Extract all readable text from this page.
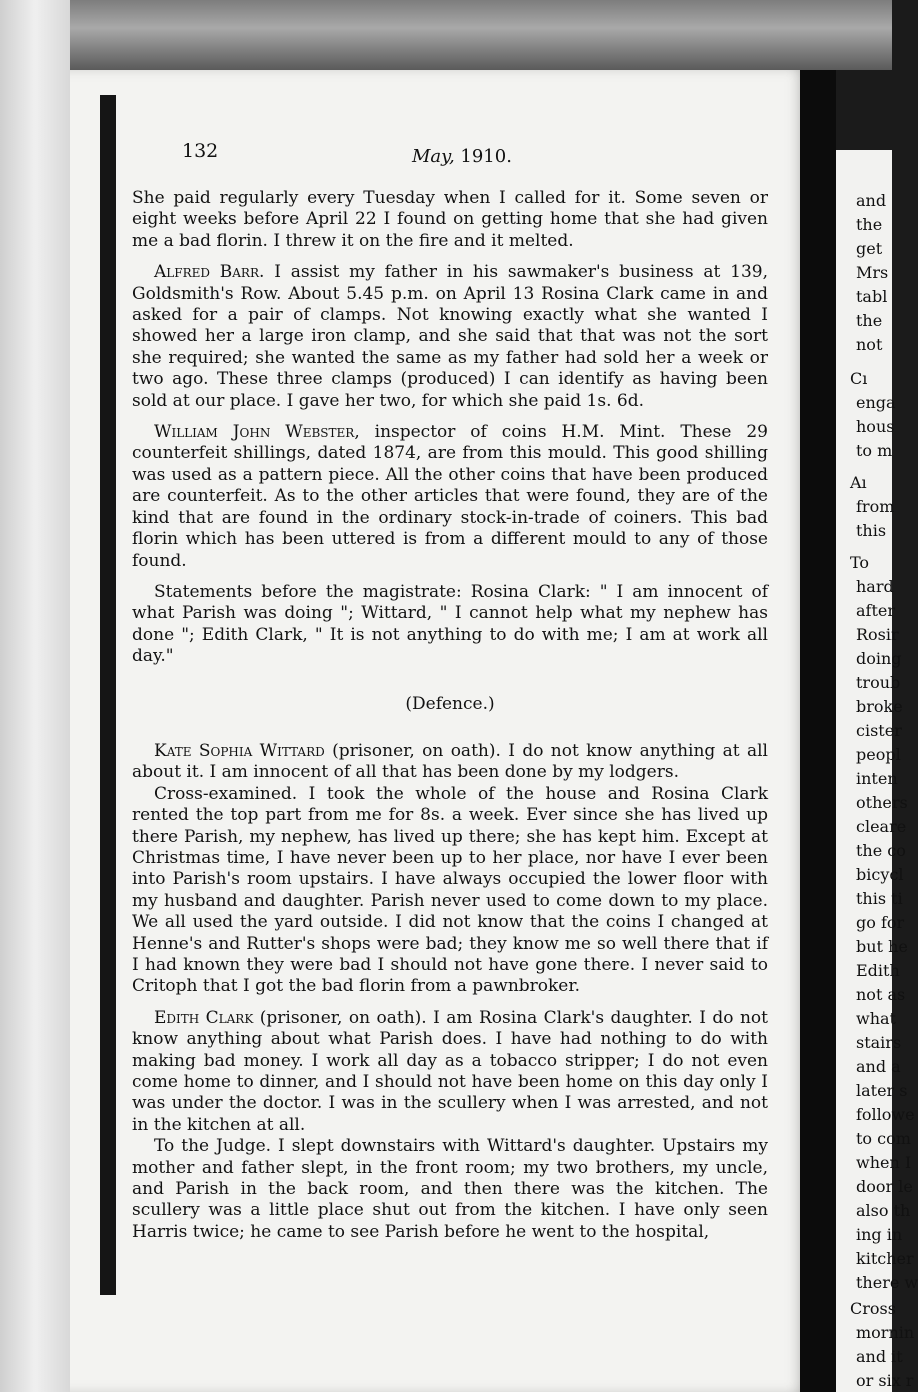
and
the
get
Mrs
tabl
the
not
Cı
enga
hous
to m
Aı
from
this
To
hard
after
Rosir
doing
troub
broke
cister
peopl
inten
others
cleare
the co
bicycl
this ti
go for
but he
Edith
not as
what
stairs
and a
later s
followe
to com
when I
door le
also th
ing in
kitcher
there w
Cross
mornin
and it
or six r
132	May, 1910.

She paid regularly every Tuesday when I called for it. Some seven or eight weeks before April 22 I found on getting home that she had given me a bad florin. I threw it on the fire and it melted.

Alfred Barr. I assist my father in his sawmaker's business at 139, Goldsmith's Row. About 5.45 p.m. on April 13 Rosina Clark came in and asked for a pair of clamps. Not knowing exactly what she wanted I showed her a large iron clamp, and she said that that was not the sort she required; she wanted the same as my father had sold her a week or two ago. These three clamps (produced) I can identify as having been sold at our place. I gave her two, for which she paid 1s. 6d.

William John Webster, inspector of coins H.M. Mint. These 29 counterfeit shillings, dated 1874, are from this mould. This good shilling was used as a pattern piece. All the other coins that have been produced are counterfeit. As to the other articles that were found, they are of the kind that are found in the ordinary stock-in-trade of coiners. This bad florin which has been uttered is from a different mould to any of those found.

Statements before the magistrate: Rosina Clark: " I am innocent of what Parish was doing "; Wittard, " I cannot help what my nephew has done "; Edith Clark, " It is not anything to do with me; I am at work all day."

(Defence.)

Kate Sophia Wittard (prisoner, on oath). I do not know anything at all about it. I am innocent of all that has been done by my lodgers.

Cross-examined. I took the whole of the house and Rosina Clark rented the top part from me for 8s. a week. Ever since she has lived up there Parish, my nephew, has lived up there; she has kept him. Except at Christmas time, I have never been up to her place, nor have I ever been into Parish's room upstairs. I have always occupied the lower floor with my husband and daughter. Parish never used to come down to my place. We all used the yard outside. I did not know that the coins I changed at Henne's and Rutter's shops were bad; they know me so well there that if I had known they were bad I should not have gone there. I never said to Critoph that I got the bad florin from a pawnbroker.

Edith Clark (prisoner, on oath). I am Rosina Clark's daughter. I do not know anything about what Parish does. I have had nothing to do with making bad money. I work all day as a tobacco stripper; I do not even come home to dinner, and I should not have been home on this day only I was under the doctor. I was in the scullery when I was arrested, and not in the kitchen at all.

To the Judge. I slept downstairs with Wittard's daughter. Upstairs my mother and father slept, in the front room; my two brothers, my uncle, and Parish in the back room, and then there was the kitchen. The scullery was a little place shut out from the kitchen. I have only seen Harris twice; he came to see Parish before he went to the hospital,
